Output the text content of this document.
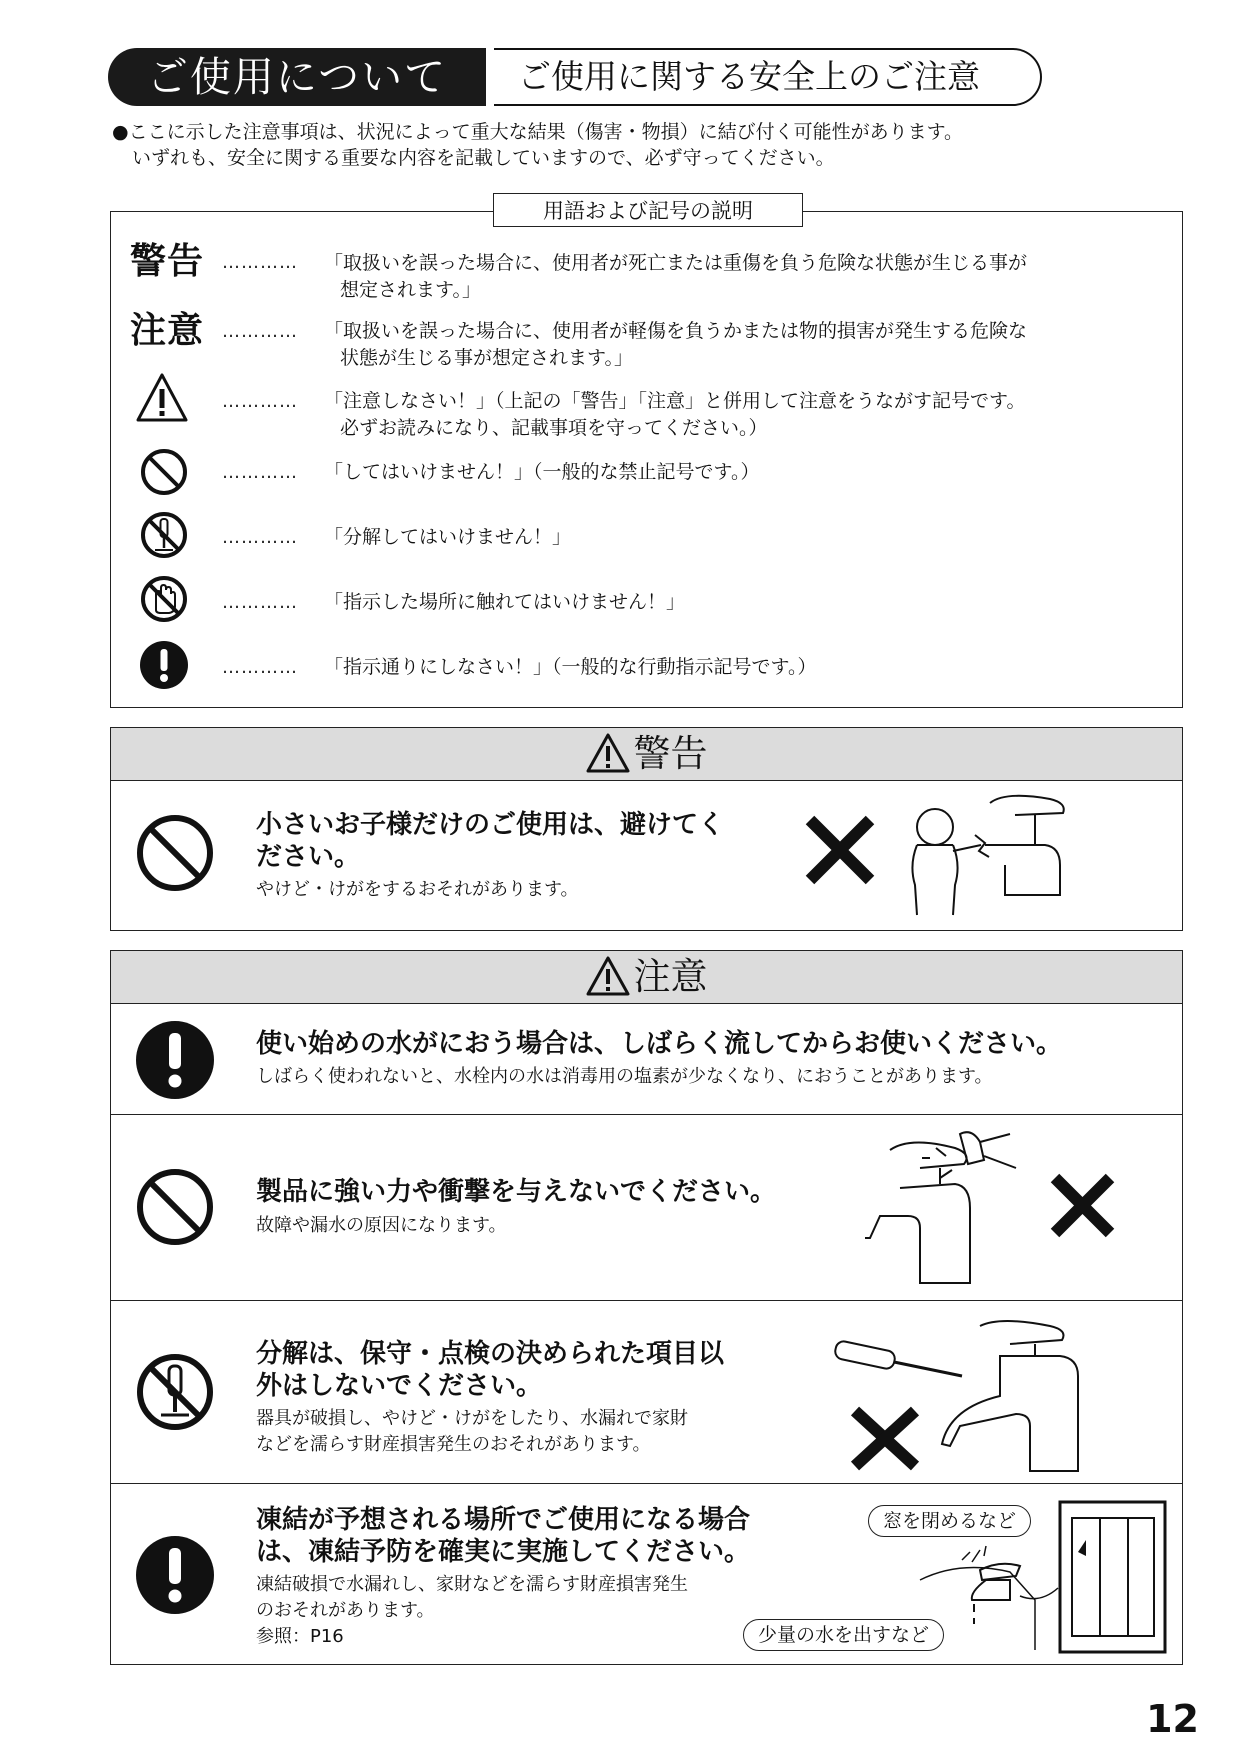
ご使用について	ご使用に関する安全上のご注意
●ここに示した注意事項は、状況によって重大な結果（傷害・物損）に結び付く可能性があります。
いずれも、安全に関する重要な内容を記載していますので、必ず守ってください。
用語および記号の説明
警告 ………… 「取扱いを誤った場合に、使用者が死亡または重傷を負う危険な状態が生じる事が
想定されます。」
注意 ………… 「取扱いを誤った場合に、使用者が軽傷を負うかまたは物的損害が発生する危険な
状態が生じる事が想定されます。」
………… 「注意しなさい！」（上記の「警告」「注意」と併用して注意をうながす記号です。
必ずお読みになり、記載事項を守ってください。）
………… 「してはいけません！」（一般的な禁止記号です。）
………… 「分解してはいけません！」
………… 「指示した場所に触れてはいけません！」
………… 「指示通りにしなさい！」（一般的な行動指示記号です。）
警告
小さいお子様だけのご使用は、避けてく
ださい。
やけど・けがをするおそれがあります。
注意
使い始めの水がにおう場合は、しばらく流してからお使いください。
しばらく使われないと、水栓内の水は消毒用の塩素が少なくなり、におうことがあります。
製品に強い力や衝撃を与えないでください。
故障や漏水の原因になります。
分解は、保守・点検の決められた項目以
外はしないでください。
器具が破損し、やけど・けがをしたり、水漏れで家財
などを濡らす財産損害発生のおそれがあります。
凍結が予想される場所でご使用になる場合
は、凍結予防を確実に実施してください。
凍結破損で水漏れし、家財などを濡らす財産損害発生
のおそれがあります。
参照：P16
窓を閉めるなど
少量の水を出すなど
12
